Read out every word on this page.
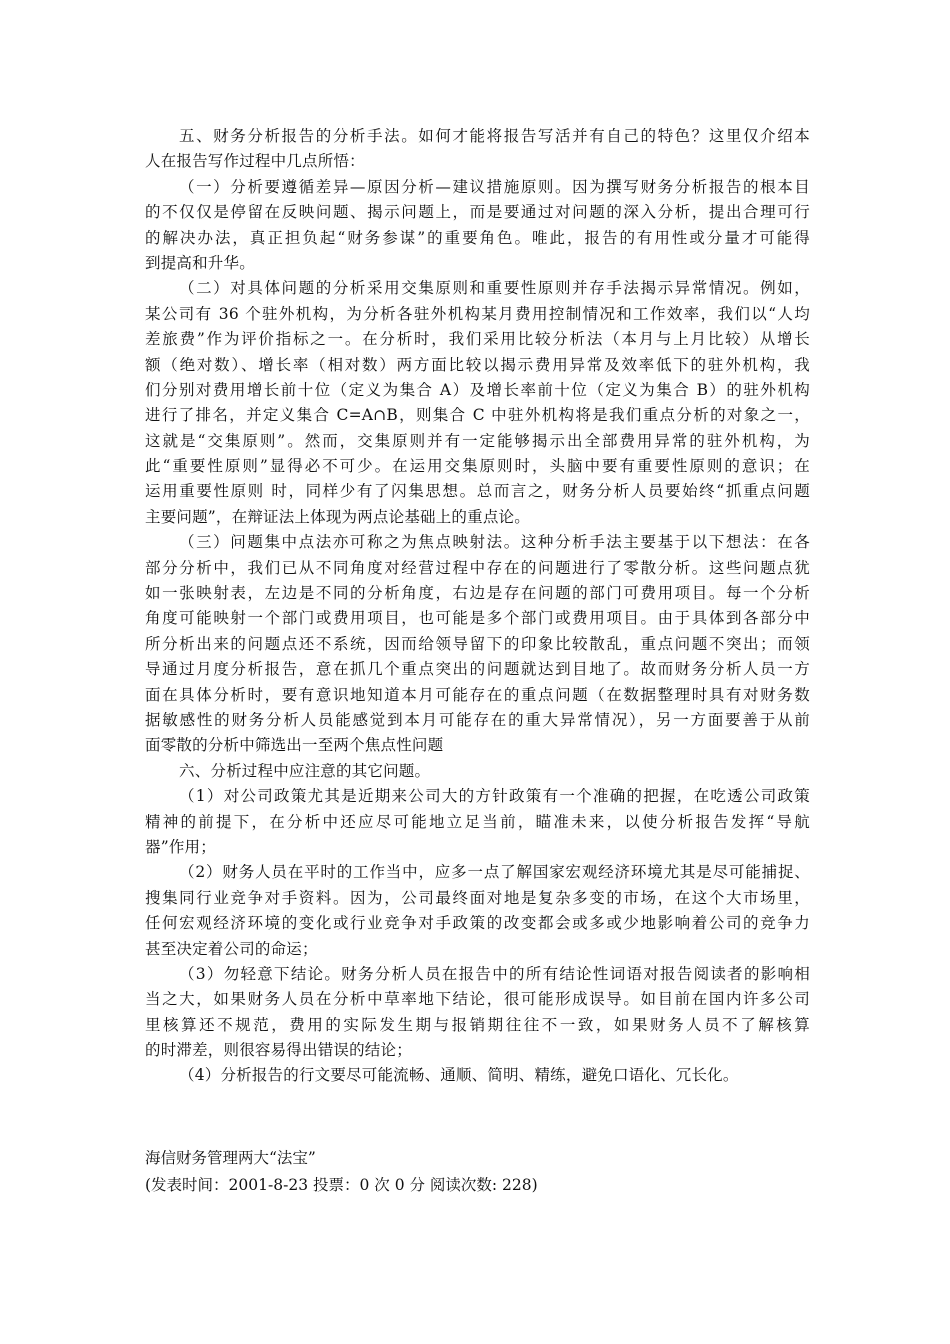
五、财务分析报告的分析手法。如何才能将报告写活并有自己的特色？这里仅介绍本
人在报告写作过程中几点所悟：
（一）分析要遵循差异—原因分析—建议措施原则。因为撰写财务分析报告的根本目
的不仅仅是停留在反映问题、揭示问题上，而是要通过对问题的深入分析，提出合理可行
的解决办法，真正担负起“财务参谋”的重要角色。唯此，报告的有用性或分量才可能得
到提高和升华。
（二）对具体问题的分析采用交集原则和重要性原则并存手法揭示异常情况。例如，
某公司有 36 个驻外机构，为分析各驻外机构某月费用控制情况和工作效率，我们以“人均
差旅费”作为评价指标之一。在分析时，我们采用比较分析法（本月与上月比较）从增长
额（绝对数）、增长率（相对数）两方面比较以揭示费用异常及效率低下的驻外机构，我
们分别对费用增长前十位（定义为集合 A）及增长率前十位（定义为集合 B）的驻外机构
进行了排名，并定义集合 C=A∩B，则集合 C 中驻外机构将是我们重点分析的对象之一，
这就是“交集原则”。然而，交集原则并有一定能够揭示出全部费用异常的驻外机构，为
此“重要性原则”显得必不可少。在运用交集原则时，头脑中要有重要性原则的意识；在
运用重要性原则 时，同样少有了闪集思想。总而言之，财务分析人员要始终“抓重点问题
主要问题”，在辩证法上体现为两点论基础上的重点论。
（三）问题集中点法亦可称之为焦点映射法。这种分析手法主要基于以下想法：在各
部分分析中，我们已从不同角度对经营过程中存在的问题进行了零散分析。这些问题点犹
如一张映射表，左边是不同的分析角度，右边是存在问题的部门可费用项目。每一个分析
角度可能映射一个部门或费用项目，也可能是多个部门或费用项目。由于具体到各部分中
所分析出来的问题点还不系统，因而给领导留下的印象比较散乱，重点问题不突出；而领
导通过月度分析报告，意在抓几个重点突出的问题就达到目地了。故而财务分析人员一方
面在具体分析时，要有意识地知道本月可能存在的重点问题（在数据整理时具有对财务数
据敏感性的财务分析人员能感觉到本月可能存在的重大异常情况），另一方面要善于从前
面零散的分析中筛选出一至两个焦点性问题
六、分析过程中应注意的其它问题。
（1）对公司政策尤其是近期来公司大的方针政策有一个准确的把握，在吃透公司政策
精神的前提下，在分析中还应尽可能地立足当前，瞄准未来，以使分析报告发挥“导航
器”作用；
（2）财务人员在平时的工作当中，应多一点了解国家宏观经济环境尤其是尽可能捕捉、
搜集同行业竞争对手资料。因为，公司最终面对地是复杂多变的市场，在这个大市场里，
任何宏观经济环境的变化或行业竞争对手政策的改变都会或多或少地影响着公司的竞争力
甚至决定着公司的命运；
（3）勿轻意下结论。财务分析人员在报告中的所有结论性词语对报告阅读者的影响相
当之大，如果财务人员在分析中草率地下结论，很可能形成误导。如目前在国内许多公司
里核算还不规范，费用的实际发生期与报销期往往不一致，如果财务人员不了解核算
的时滞差，则很容易得出错误的结论；
（4）分析报告的行文要尽可能流畅、通顺、简明、精练，避免口语化、冗长化。
海信财务管理两大“法宝”
(发表时间：2001-8-23 投票：0 次 0 分 阅读次数: 228)
